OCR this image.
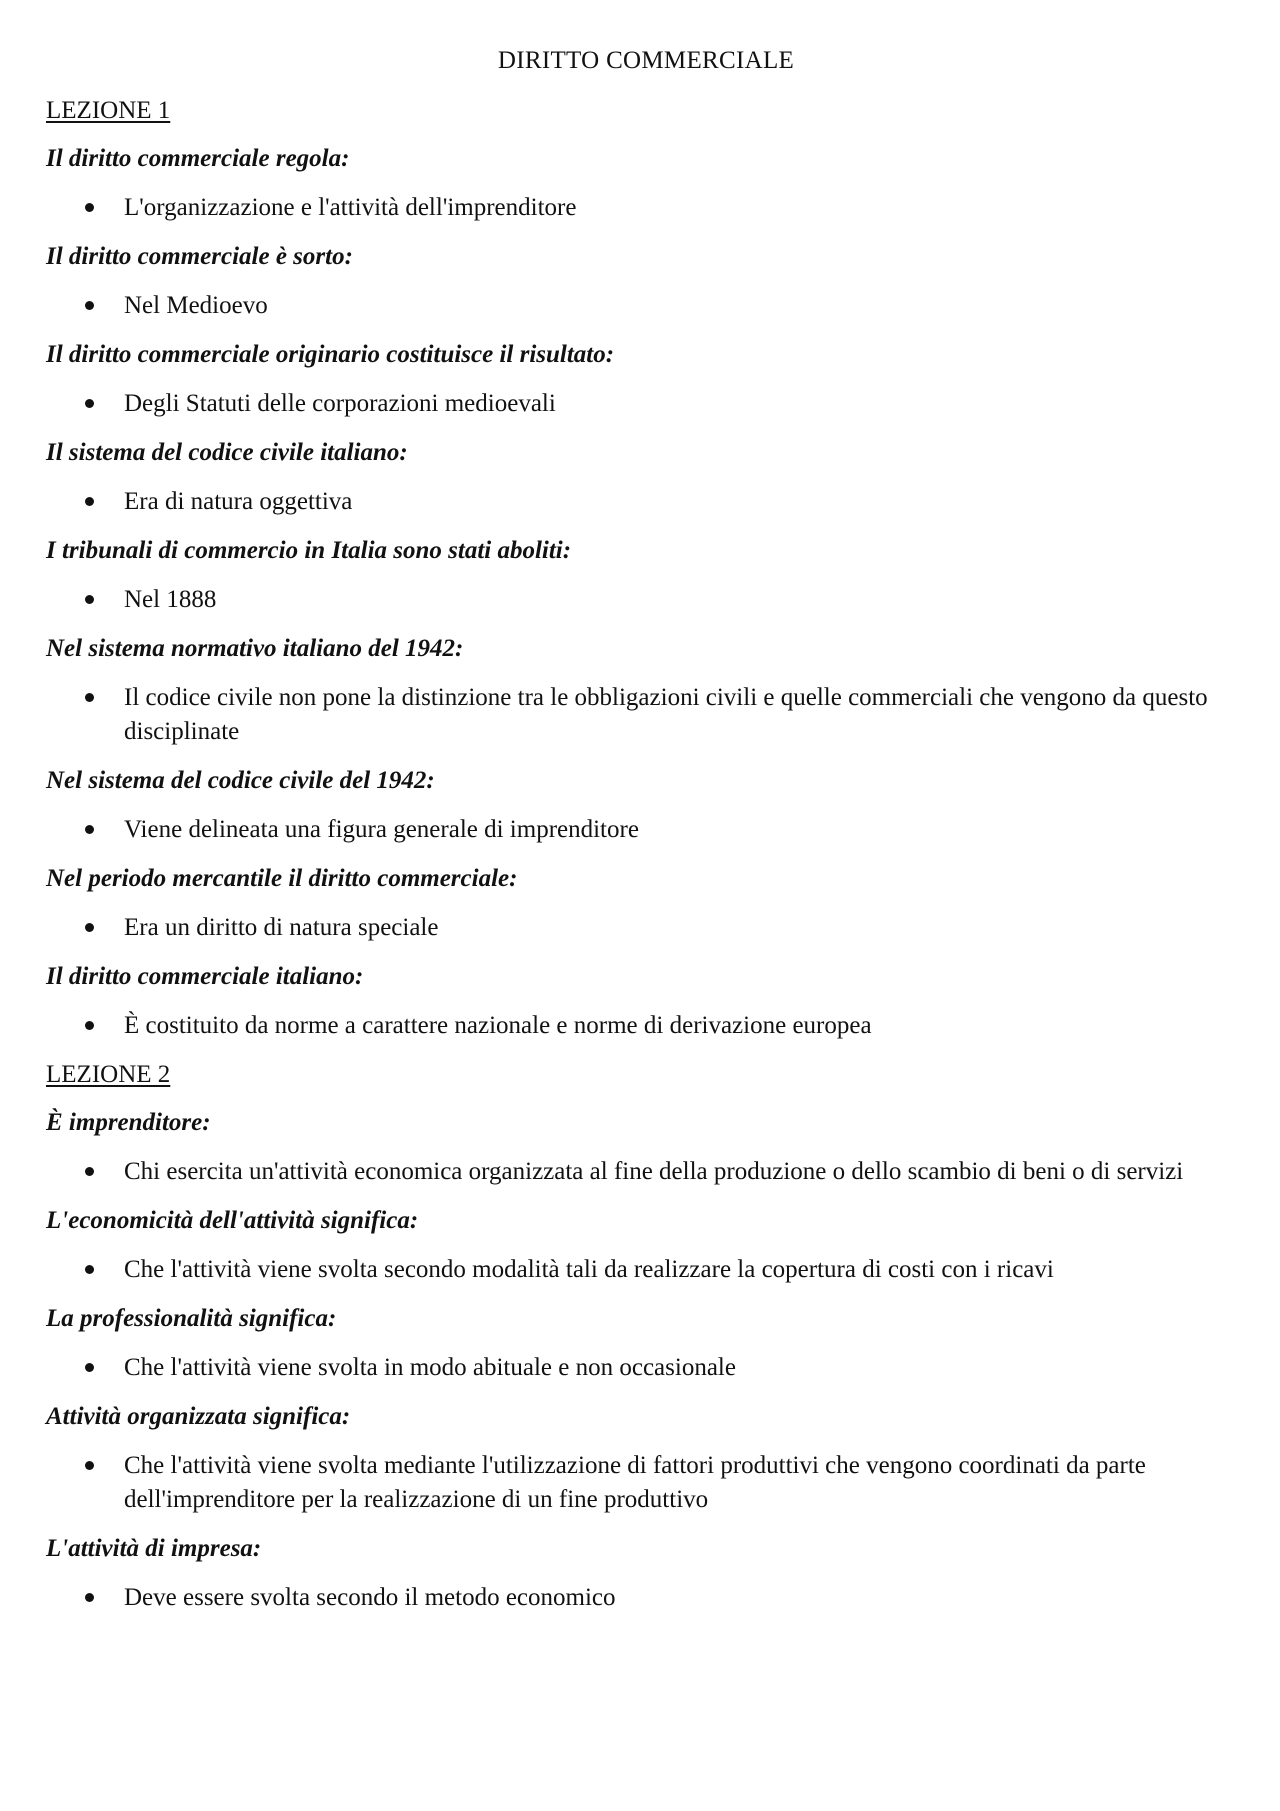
DIRITTO COMMERCIALE
LEZIONE 1
Il diritto commerciale regola:
L'organizzazione e l'attività dell'imprenditore
Il diritto commerciale è sorto:
Nel Medioevo
Il diritto commerciale originario costituisce il risultato:
Degli Statuti delle corporazioni medioevali
Il sistema del codice civile italiano:
Era di natura oggettiva
I tribunali di commercio in Italia sono stati aboliti:
Nel 1888
Nel sistema normativo italiano del 1942:
Il codice civile non pone la distinzione tra le obbligazioni civili e quelle commerciali che vengono da questo disciplinate
Nel sistema del codice civile del 1942:
Viene delineata una figura generale di imprenditore
Nel periodo mercantile il diritto commerciale:
Era un diritto di natura speciale
Il diritto commerciale italiano:
È costituito da norme a carattere nazionale e norme di derivazione europea
LEZIONE 2
È imprenditore:
Chi esercita un'attività economica organizzata al fine della produzione o dello scambio di beni o di servizi
L'economicità dell'attività significa:
Che l'attività viene svolta secondo modalità tali da realizzare la copertura di costi con i ricavi
La professionalità significa:
Che l'attività viene svolta in modo abituale e non occasionale
Attività organizzata significa:
Che l'attività viene svolta mediante l'utilizzazione di fattori produttivi che vengono coordinati da parte dell'imprenditore per la realizzazione di un fine produttivo
L'attività di impresa:
Deve essere svolta secondo il metodo economico
